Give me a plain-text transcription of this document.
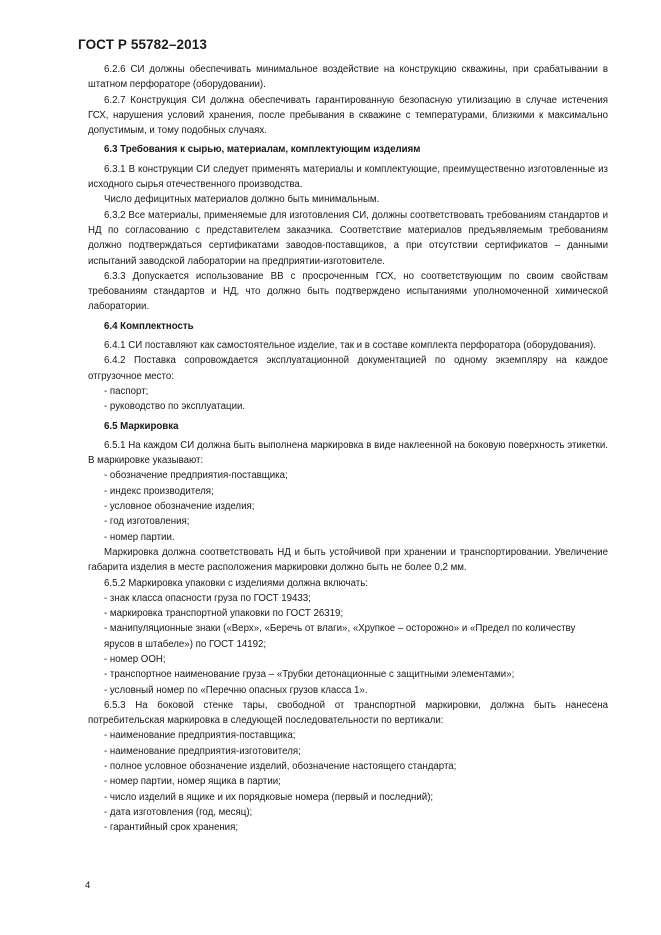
ГОСТ Р 55782–2013
6.2.6 СИ должны обеспечивать минимальное воздействие на конструкцию скважины, при срабатывании в штатном перфораторе (оборудовании).
6.2.7 Конструкция СИ должна обеспечивать гарантированную безопасную утилизацию в случае истечения ГСХ, нарушения условий хранения, после пребывания в скважине с температурами, близкими к максимально допустимым, и тому подобных случаях.
6.3 Требования к сырью, материалам, комплектующим изделиям
6.3.1 В конструкции СИ следует применять материалы и комплектующие, преимущественно изготовленные из исходного сырья отечественного производства.
Число дефицитных материалов должно быть минимальным.
6.3.2 Все материалы, применяемые для изготовления СИ, должны соответствовать требованиям стандартов и НД по согласованию с представителем заказчика. Соответствие материалов предъявляемым требованиям должно подтверждаться сертификатами заводов-поставщиков, а при отсутствии сертификатов – данными испытаний заводской лаборатории на предприятии-изготовителе.
6.3.3 Допускается использование ВВ с просроченным ГСХ, но соответствующим по своим свойствам требованиям стандартов и НД, что должно быть подтверждено испытаниями уполномоченной химической лаборатории.
6.4 Комплектность
6.4.1 СИ поставляют как самостоятельное изделие, так и в составе комплекта перфоратора (оборудования).
6.4.2 Поставка сопровождается эксплуатационной документацией по одному экземпляру на каждое отгрузочное место:
- паспорт;
- руководство по эксплуатации.
6.5 Маркировка
6.5.1 На каждом СИ должна быть выполнена маркировка в виде наклеенной на боковую поверхность этикетки. В маркировке указывают:
- обозначение предприятия-поставщика;
- индекс производителя;
- условное обозначение изделия;
- год изготовления;
- номер партии.
Маркировка должна соответствовать НД и быть устойчивой при хранении и транспортировании. Увеличение габарита изделия в месте расположения маркировки должно быть не более 0,2 мм.
6.5.2 Маркировка упаковки с изделиями должна включать:
- знак класса опасности груза по ГОСТ 19433;
- маркировка транспортной упаковки по ГОСТ 26319;
- манипуляционные знаки («Верх», «Беречь от влаги», «Хрупкое – осторожно» и «Предел по количеству ярусов в штабеле») по ГОСТ 14192;
- номер ООН;
- транспортное наименование груза – «Трубки детонационные с защитными элементами»;
- условный номер по «Перечню опасных грузов класса 1».
6.5.3 На боковой стенке тары, свободной от транспортной маркировки, должна быть нанесена потребительская маркировка в следующей последовательности по вертикали:
- наименование предприятия-поставщика;
- наименование предприятия-изготовителя;
- полное условное обозначение изделий, обозначение настоящего стандарта;
- номер партии, номер ящика в партии;
- число изделий в ящике и их порядковые номера (первый и последний);
- дата изготовления (год, месяц);
- гарантийный срок хранения;
4
